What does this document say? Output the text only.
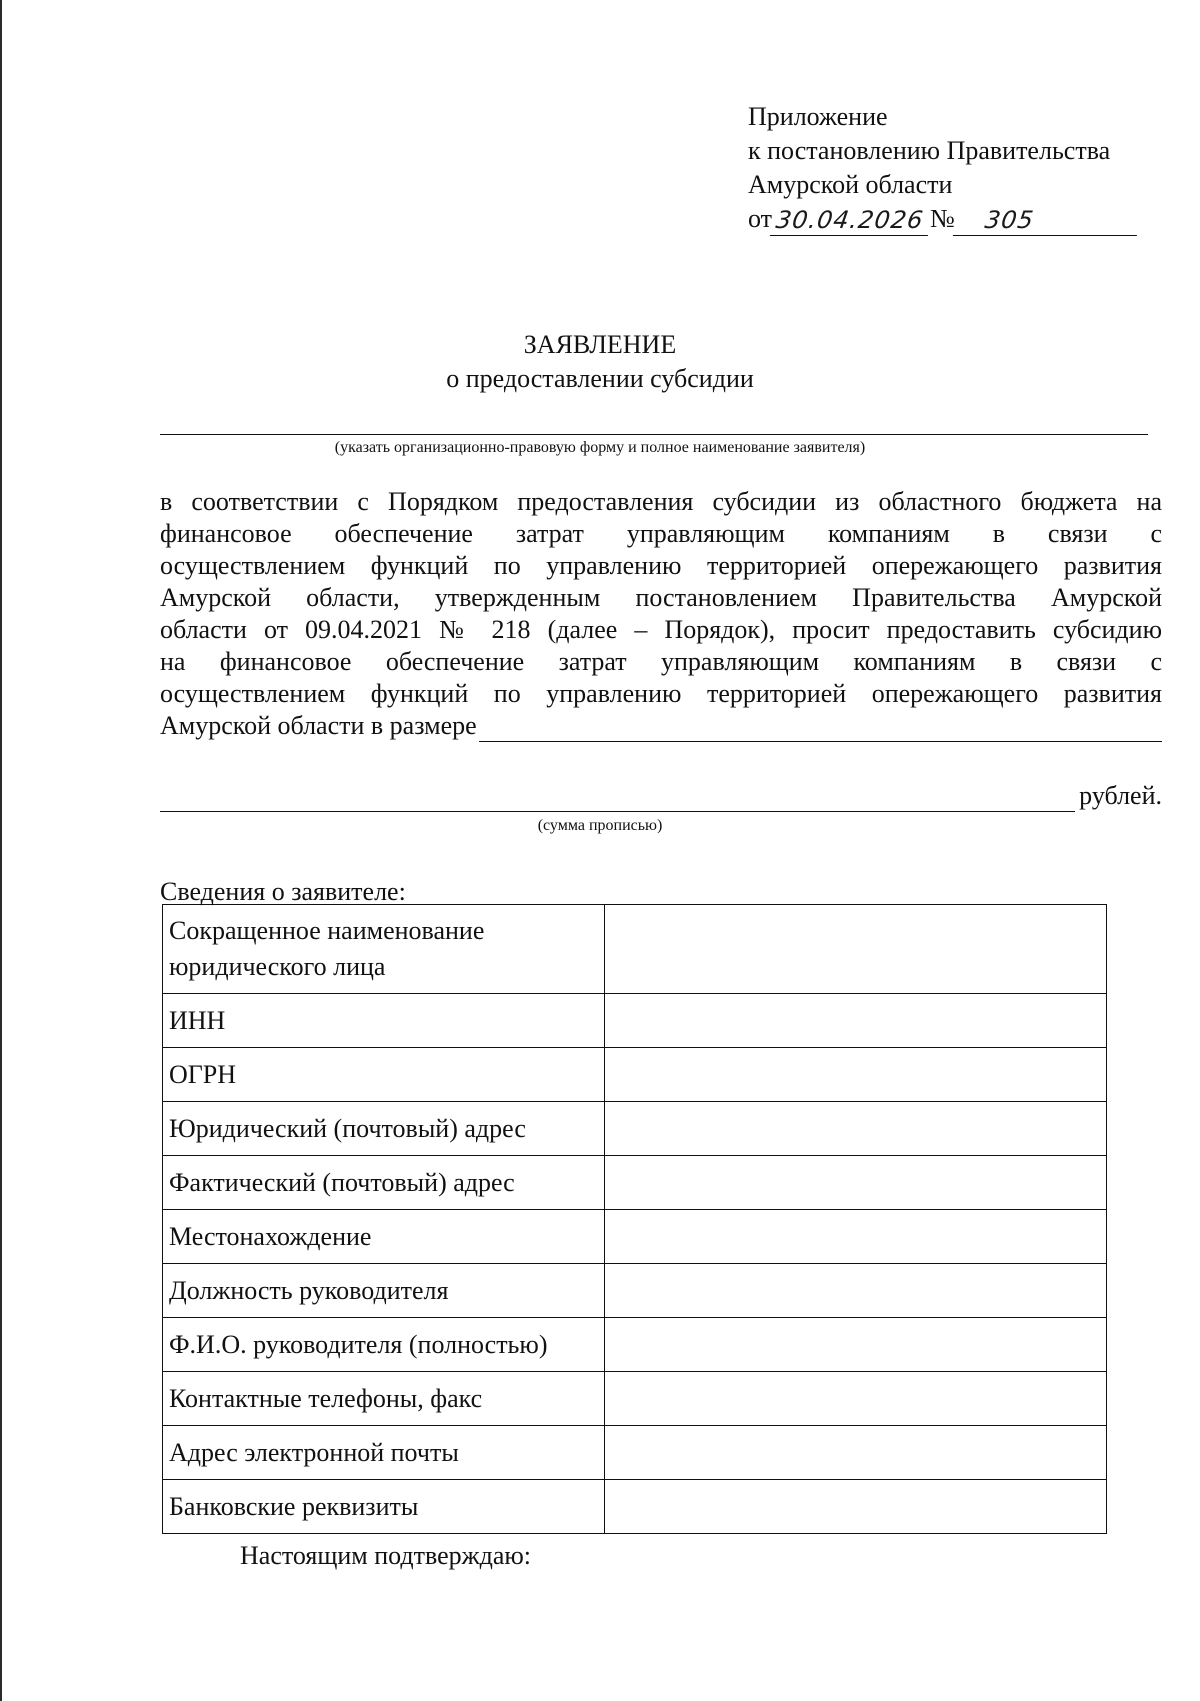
Приложение
к постановлению Правительства
Амурской области
от 30.04.2026 №	305
ЗАЯВЛЕНИЕ
о предоставлении субсидии
(указать организационно-правовую форму и полное наименование заявителя)
в соответствии с Порядком предоставления субсидии из областного бюджета на
финансовое обеспечение затрат управляющим компаниям в связи с
осуществлением функций по управлению территорией опережающего развития
Амурской области, утвержденным постановлением Правительства Амурской
области от 09.04.2021 № 218 (далее – Порядок), просит предоставить субсидию
на финансовое обеспечение затрат управляющим компаниям в связи с
осуществлением функций по управлению территорией опережающего развития
Амурской области в размере
рублей.
(сумма прописью)
Сведения о заявителе:
Сокращенное наименование юридического лица	
ИНН	
ОГРН	
Юридический (почтовый) адрес	
Фактический (почтовый) адрес	
Местонахождение	
Должность руководителя	
Ф.И.О. руководителя (полностью)	
Контактные телефоны, факс	
Адрес электронной почты	
Банковские реквизиты	
Настоящим подтверждаю:
